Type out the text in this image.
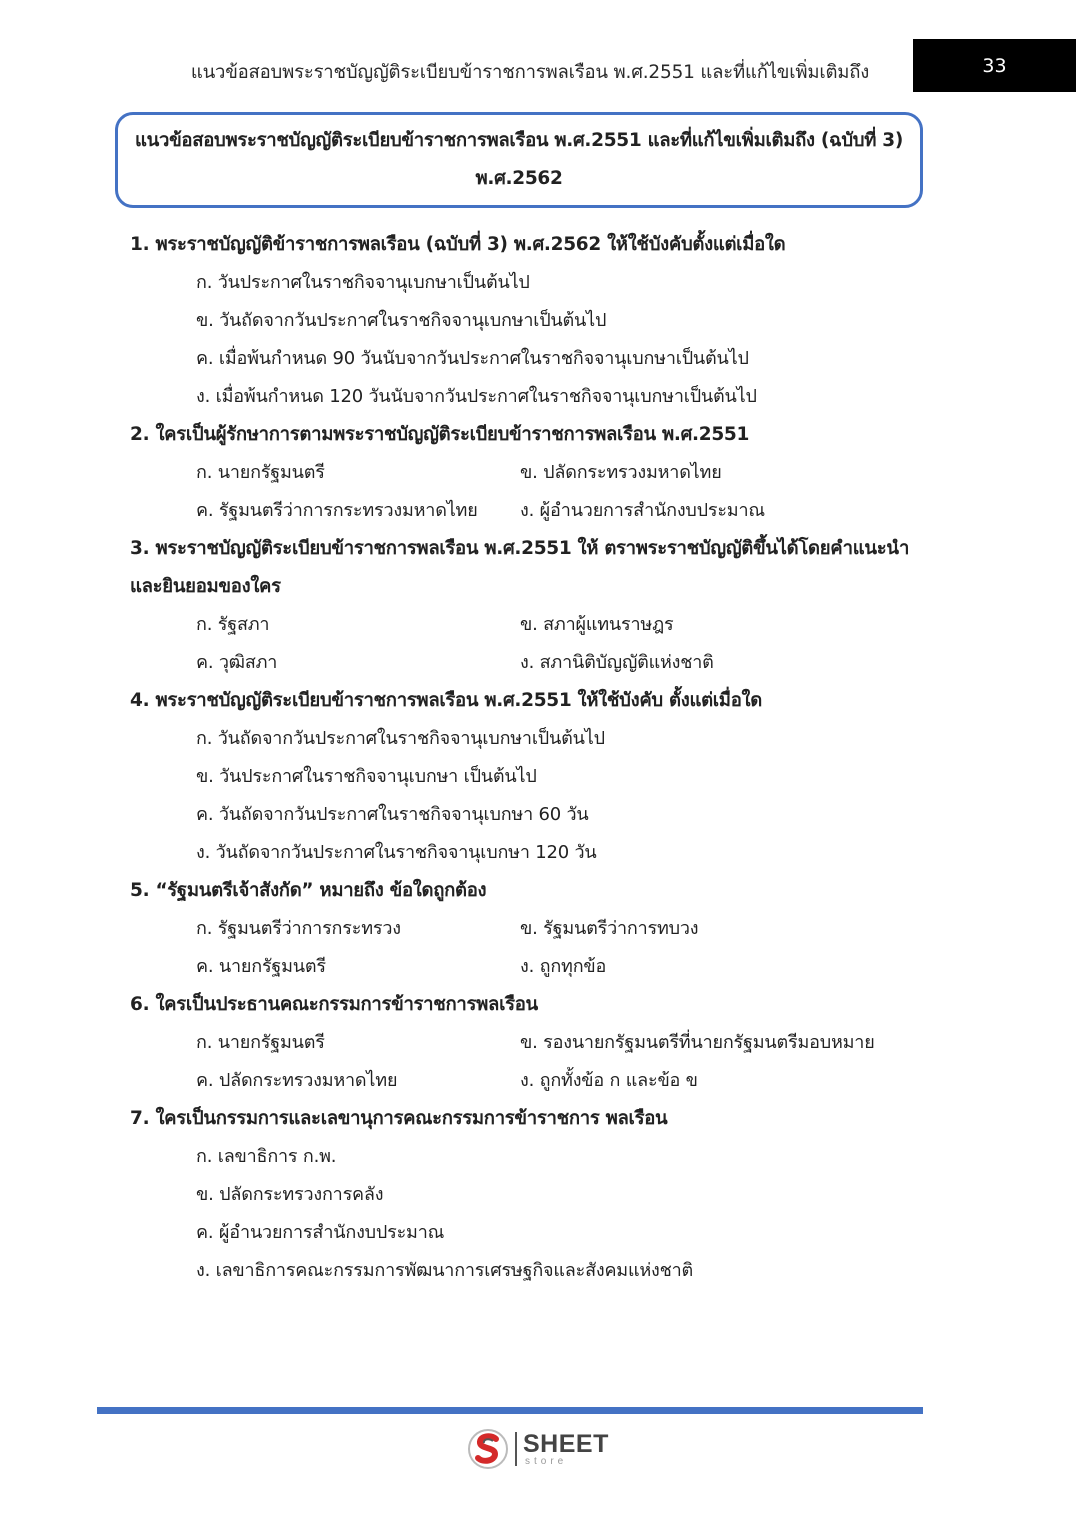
แนวข้อสอบพระราชบัญญัติระเบียบข้าราชการพลเรือน พ.ศ.2551 และที่แก้ไขเพิ่มเติมถึง	33
แนวข้อสอบพระราชบัญญัติระเบียบข้าราชการพลเรือน พ.ศ.2551 และที่แก้ไขเพิ่มเติมถึง (ฉบับที่ 3)
พ.ศ.2562
1. พระราชบัญญัติข้าราชการพลเรือน (ฉบับที่ 3) พ.ศ.2562 ให้ใช้บังคับตั้งแต่เมื่อใด
ก. วันประกาศในราชกิจจานุเบกษาเป็นต้นไป
ข. วันถัดจากวันประกาศในราชกิจจานุเบกษาเป็นต้นไป
ค. เมื่อพ้นกำหนด 90 วันนับจากวันประกาศในราชกิจจานุเบกษาเป็นต้นไป
ง. เมื่อพ้นกำหนด 120 วันนับจากวันประกาศในราชกิจจานุเบกษาเป็นต้นไป
2. ใครเป็นผู้รักษาการตามพระราชบัญญัติระเบียบข้าราชการพลเรือน พ.ศ.2551
ก. นายกรัฐมนตรี	ข. ปลัดกระทรวงมหาดไทย
ค. รัฐมนตรีว่าการกระทรวงมหาดไทย ง. ผู้อำนวยการสำนักงบประมาณ
3. พระราชบัญญัติระเบียบข้าราชการพลเรือน พ.ศ.2551 ให้ ตราพระราชบัญญัติขึ้นได้โดยคำแนะนำ
และยินยอมของใคร
ก. รัฐสภา	ข. สภาผู้แทนราษฎร
ค. วุฒิสภา	ง. สภานิติบัญญัติแห่งชาติ
4. พระราชบัญญัติระเบียบข้าราชการพลเรือน พ.ศ.2551 ให้ใช้บังคับ ตั้งแต่เมื่อใด
ก. วันถัดจากวันประกาศในราชกิจจานุเบกษาเป็นต้นไป
ข. วันประกาศในราชกิจจานุเบกษา เป็นต้นไป
ค. วันถัดจากวันประกาศในราชกิจจานุเบกษา 60 วัน
ง. วันถัดจากวันประกาศในราชกิจจานุเบกษา 120 วัน
5. “รัฐมนตรีเจ้าสังกัด” หมายถึง ข้อใดถูกต้อง
ก. รัฐมนตรีว่าการกระทรวง	ข. รัฐมนตรีว่าการทบวง
ค. นายกรัฐมนตรี	ง. ถูกทุกข้อ
6. ใครเป็นประธานคณะกรรมการข้าราชการพลเรือน
ก. นายกรัฐมนตรี	ข. รองนายกรัฐมนตรีที่นายกรัฐมนตรีมอบหมาย
ค. ปลัดกระทรวงมหาดไทย	ง. ถูกทั้งข้อ ก และข้อ ข
7. ใครเป็นกรรมการและเลขานุการคณะกรรมการข้าราชการ พลเรือน
ก. เลขาธิการ ก.พ.
ข. ปลัดกระทรวงการคลัง
ค. ผู้อำนวยการสำนักงบประมาณ
ง. เลขาธิการคณะกรรมการพัฒนาการเศรษฐกิจและสังคมแห่งชาติ
SHEET
store
